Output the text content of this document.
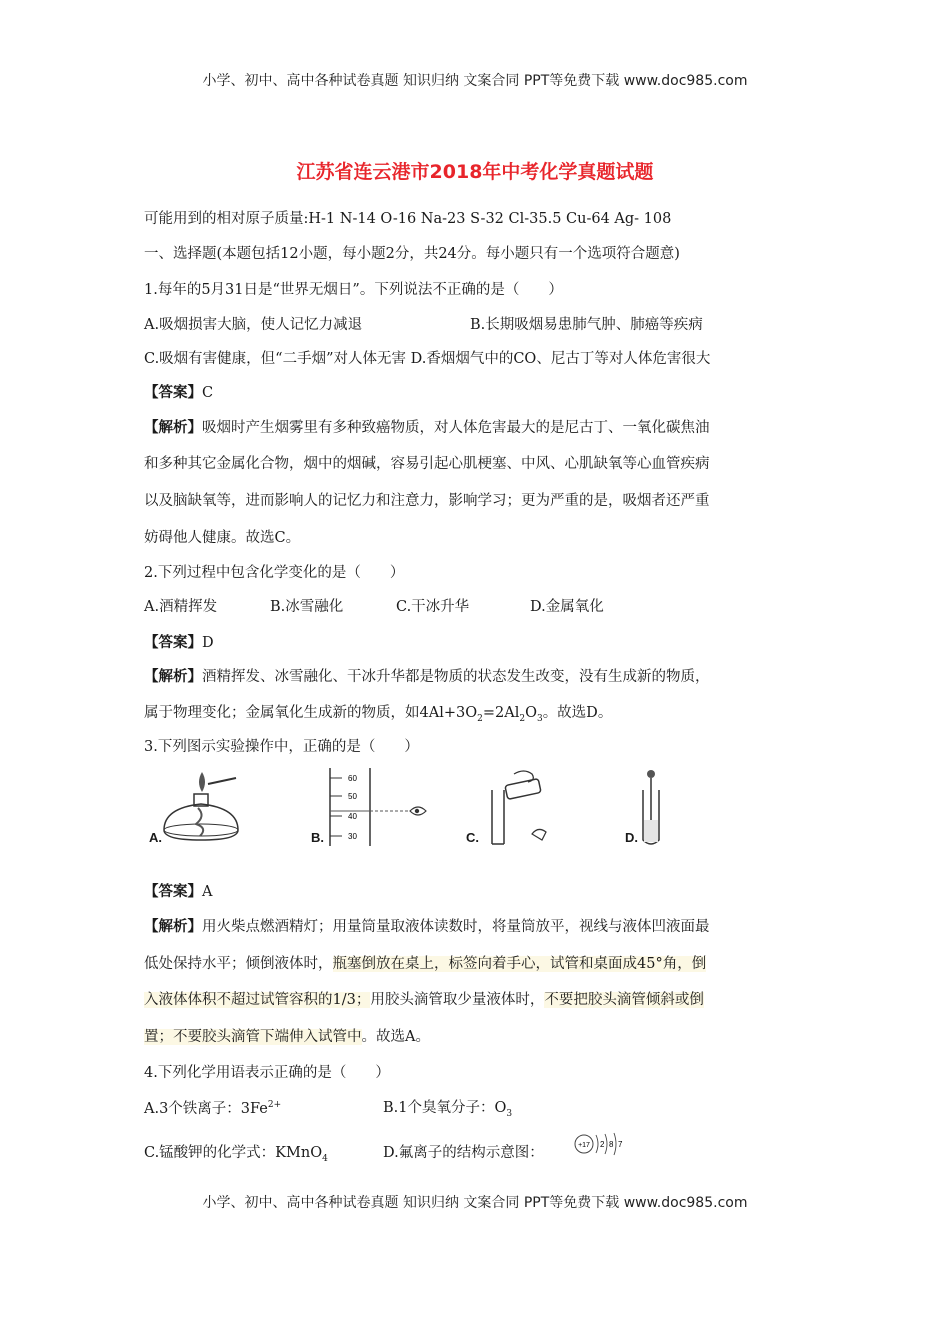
小学、初中、高中各种试卷真题 知识归纳 文案合同 PPT等免费下载 www.doc985.com
江苏省连云港市2018年中考化学真题试题
可能用到的相对原子质量:H-1 N-14 O-16 Na-23 S-32 Cl-35.5 Cu-64 Ag- 108
一、选择题(本题包括12小题，每小题2分，共24分。每小题只有一个选项符合题意)
1.每年的5月31日是“世界无烟日”。下列说法不正确的是（　　）
A.吸烟损害大脑，使人记忆力减退	B.长期吸烟易患肺气肿、肺癌等疾病
C.吸烟有害健康，但“二手烟”对人体无害 D.香烟烟气中的CO、尼古丁等对人体危害很大
【答案】C
【解析】吸烟时产生烟雾里有多种致癌物质，对人体危害最大的是尼古丁、一氧化碳焦油
和多种其它金属化合物，烟中的烟碱，容易引起心肌梗塞、中风、心肌缺氧等心血管疾病
以及脑缺氧等，进而影响人的记忆力和注意力，影响学习；更为严重的是，吸烟者还严重
妨碍他人健康。故选C。
2.下列过程中包含化学变化的是（　　）
A.酒精挥发	B.冰雪融化	C.干冰升华	D.金属氧化
【答案】D
【解析】酒精挥发、冰雪融化、干冰升华都是物质的状态发生改变，没有生成新的物质，
属于物理变化；金属氧化生成新的物质，如$4Al+3O_2=2Al_2O_3$。故选D。
3.下列图示实验操作中，正确的是（　　）
A.
60
50
40
30
B.	C.	D.
【答案】A
【解析】用火柴点燃酒精灯；用量筒量取液体读数时，将量筒放平，视线与液体凹液面最
低处保持水平；倾倒液体时，瓶塞倒放在桌上，标签向着手心，试管和桌面成45°角，倒
入液体体积不超过试管容积的1/3；用胶头滴管取少量液体时，不要把胶头滴管倾斜或倒
置；不要胶头滴管下端伸入试管中。故选A。
4.下列化学用语表示正确的是（　　）
A.3个铁离子：$3Fe^{2+}$	B.1个臭氧分子：$O_3$
C.锰酸钾的化学式：KMnO$_4$	D.氟离子的结构示意图：	+17 2 8 7
小学、初中、高中各种试卷真题 知识归纳 文案合同 PPT等免费下载 www.doc985.com
